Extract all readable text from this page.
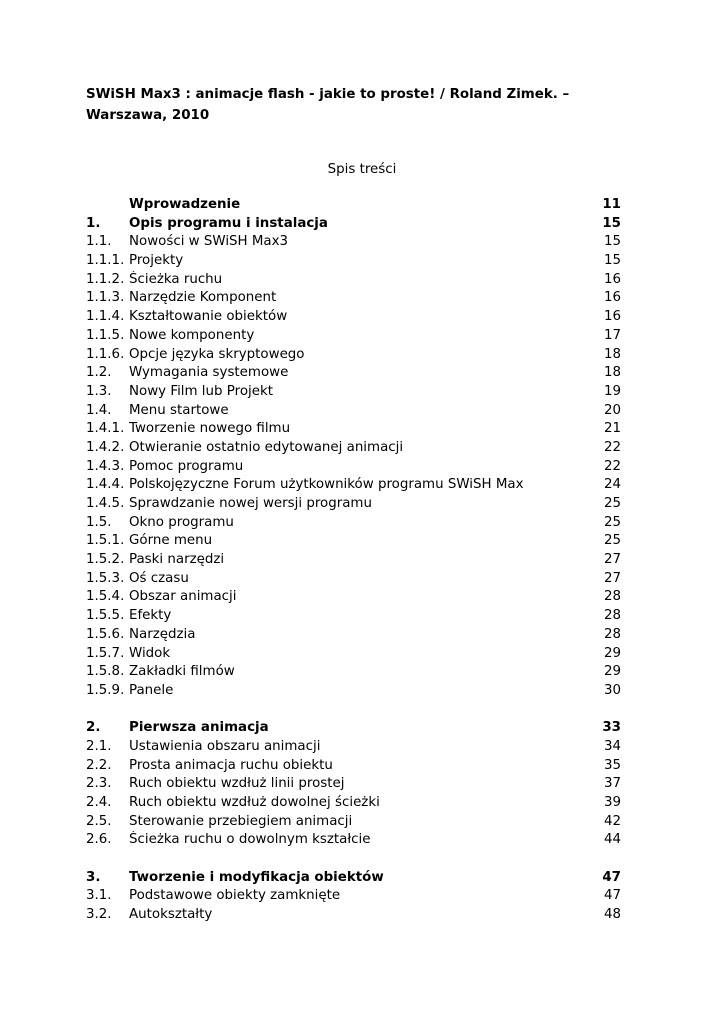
SWiSH Max3 : animacje flash - jakie to proste! / Roland Zimek. –
Warszawa, 2010
Spis treści
Wprowadzenie	11
1.	Opis programu i instalacja	15
1.1.	Nowości w SWiSH Max3	15
1.1.1. Projekty	15
1.1.2. Ścieżka ruchu	16
1.1.3. Narzędzie Komponent	16
1.1.4. Kształtowanie obiektów	16
1.1.5. Nowe komponenty	17
1.1.6. Opcje języka skryptowego	18
1.2.	Wymagania systemowe	18
1.3.	Nowy Film lub Projekt	19
1.4.	Menu startowe	20
1.4.1. Tworzenie nowego filmu	21
1.4.2. Otwieranie ostatnio edytowanej animacji	22
1.4.3. Pomoc programu	22
1.4.4. Polskojęzyczne Forum użytkowników programu SWiSH Max	24
1.4.5. Sprawdzanie nowej wersji programu	25
1.5.	Okno programu	25
1.5.1. Górne menu	25
1.5.2. Paski narzędzi	27
1.5.3. Oś czasu	27
1.5.4. Obszar animacji	28
1.5.5. Efekty	28
1.5.6. Narzędzia	28
1.5.7. Widok	29
1.5.8. Zakładki filmów	29
1.5.9. Panele	30
2.	Pierwsza animacja	33
2.1.	Ustawienia obszaru animacji	34
2.2.	Prosta animacja ruchu obiektu	35
2.3.	Ruch obiektu wzdłuż linii prostej	37
2.4.	Ruch obiektu wzdłuż dowolnej ścieżki	39
2.5.	Sterowanie przebiegiem animacji	42
2.6.	Ścieżka ruchu o dowolnym kształcie	44
3.	Tworzenie i modyfikacja obiektów	47
3.1.	Podstawowe obiekty zamknięte	47
3.2.	Autokształty	48
